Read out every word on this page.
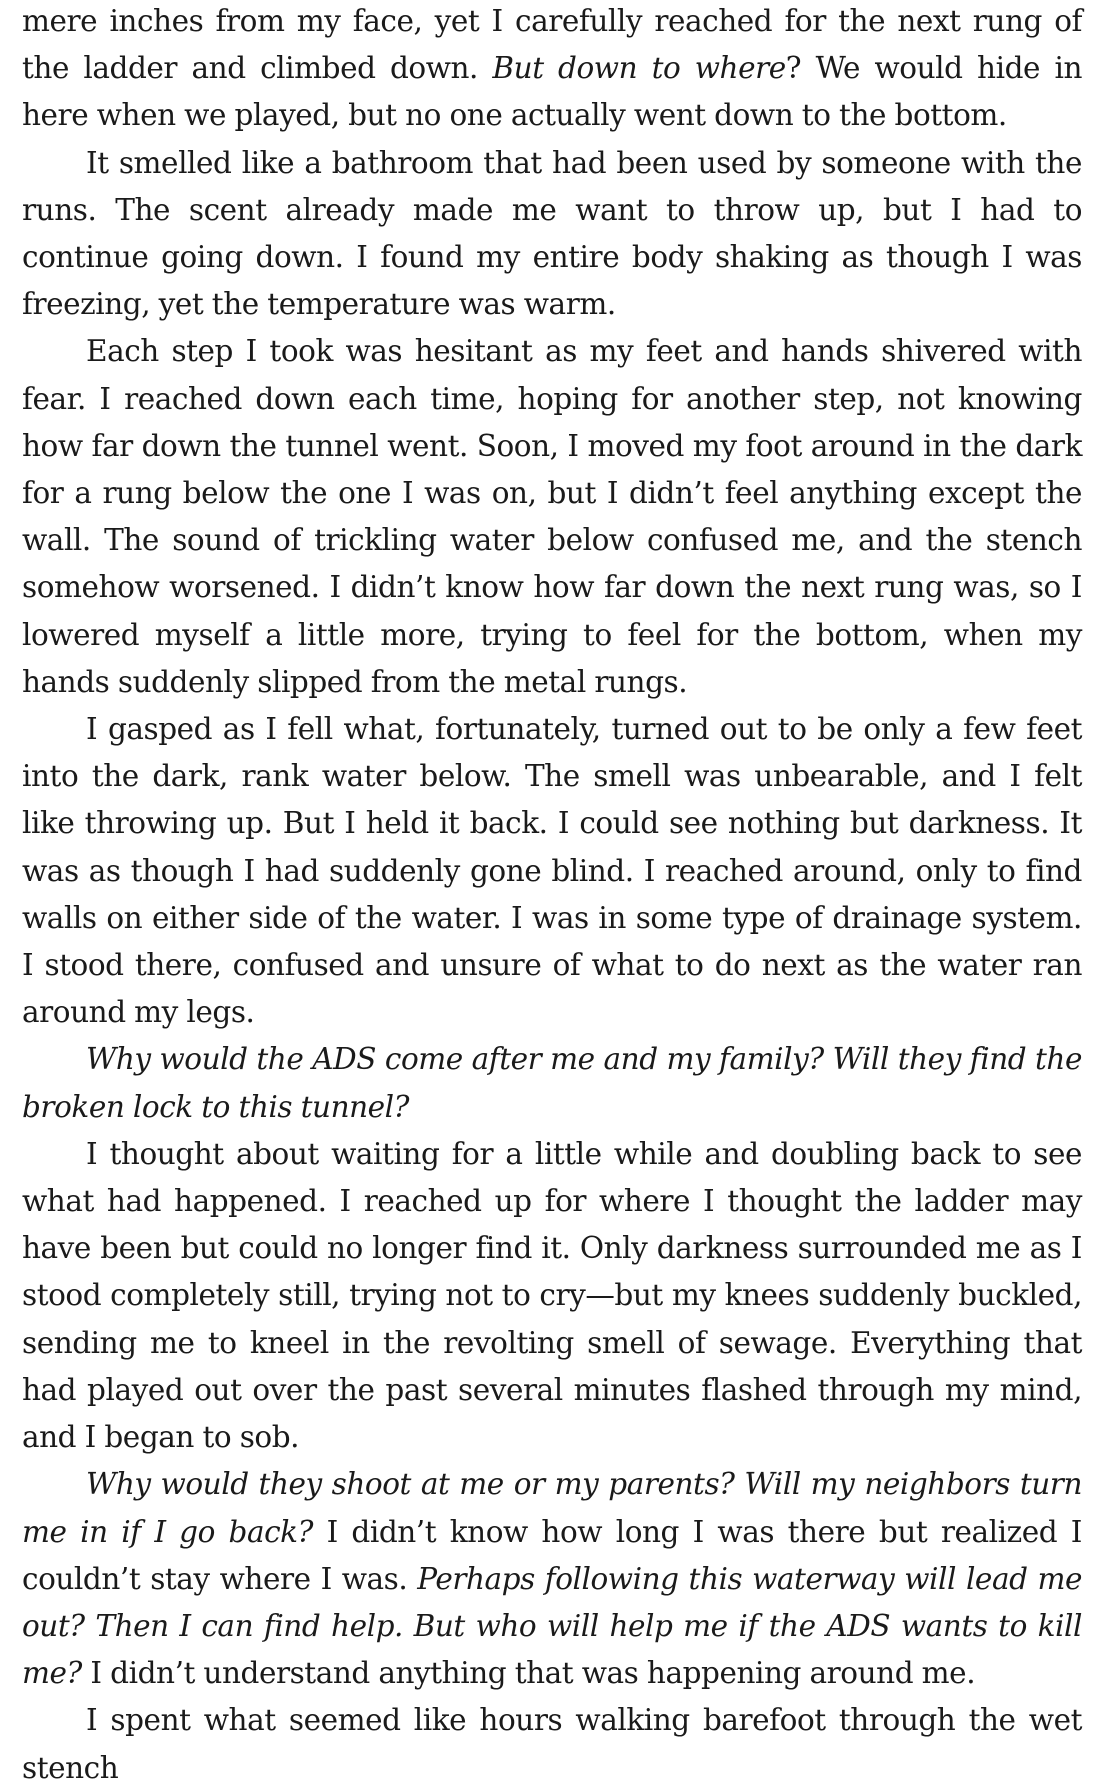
mere inches from my face, yet I carefully reached for the next rung of the ladder and climbed down. But down to where? We would hide in here when we played, but no one actually went down to the bottom.

It smelled like a bathroom that had been used by someone with the runs. The scent already made me want to throw up, but I had to continue going down. I found my entire body shaking as though I was freezing, yet the temperature was warm.

Each step I took was hesitant as my feet and hands shivered with fear. I reached down each time, hoping for another step, not knowing how far down the tunnel went. Soon, I moved my foot around in the dark for a rung below the one I was on, but I didn’t feel anything except the wall. The sound of trickling water below confused me, and the stench somehow worsened. I didn’t know how far down the next rung was, so I lowered myself a little more, trying to feel for the bottom, when my hands suddenly slipped from the metal rungs.

I gasped as I fell what, fortunately, turned out to be only a few feet into the dark, rank water below. The smell was unbearable, and I felt like throwing up. But I held it back. I could see nothing but darkness. It was as though I had suddenly gone blind. I reached around, only to find walls on either side of the water. I was in some type of drainage system. I stood there, confused and unsure of what to do next as the water ran around my legs.

Why would the ADS come after me and my family? Will they find the broken lock to this tunnel?

I thought about waiting for a little while and doubling back to see what had happened. I reached up for where I thought the ladder may have been but could no longer find it. Only darkness surrounded me as I stood completely still, trying not to cry—but my knees suddenly buckled, sending me to kneel in the revolting smell of sewage. Everything that had played out over the past several minutes flashed through my mind, and I began to sob.

Why would they shoot at me or my parents? Will my neighbors turn me in if I go back? I didn’t know how long I was there but realized I couldn’t stay where I was. Perhaps following this waterway will lead me out? Then I can find help. But who will help me if the ADS wants to kill me? I didn’t understand anything that was happening around me.

I spent what seemed like hours walking barefoot through the wet stench
